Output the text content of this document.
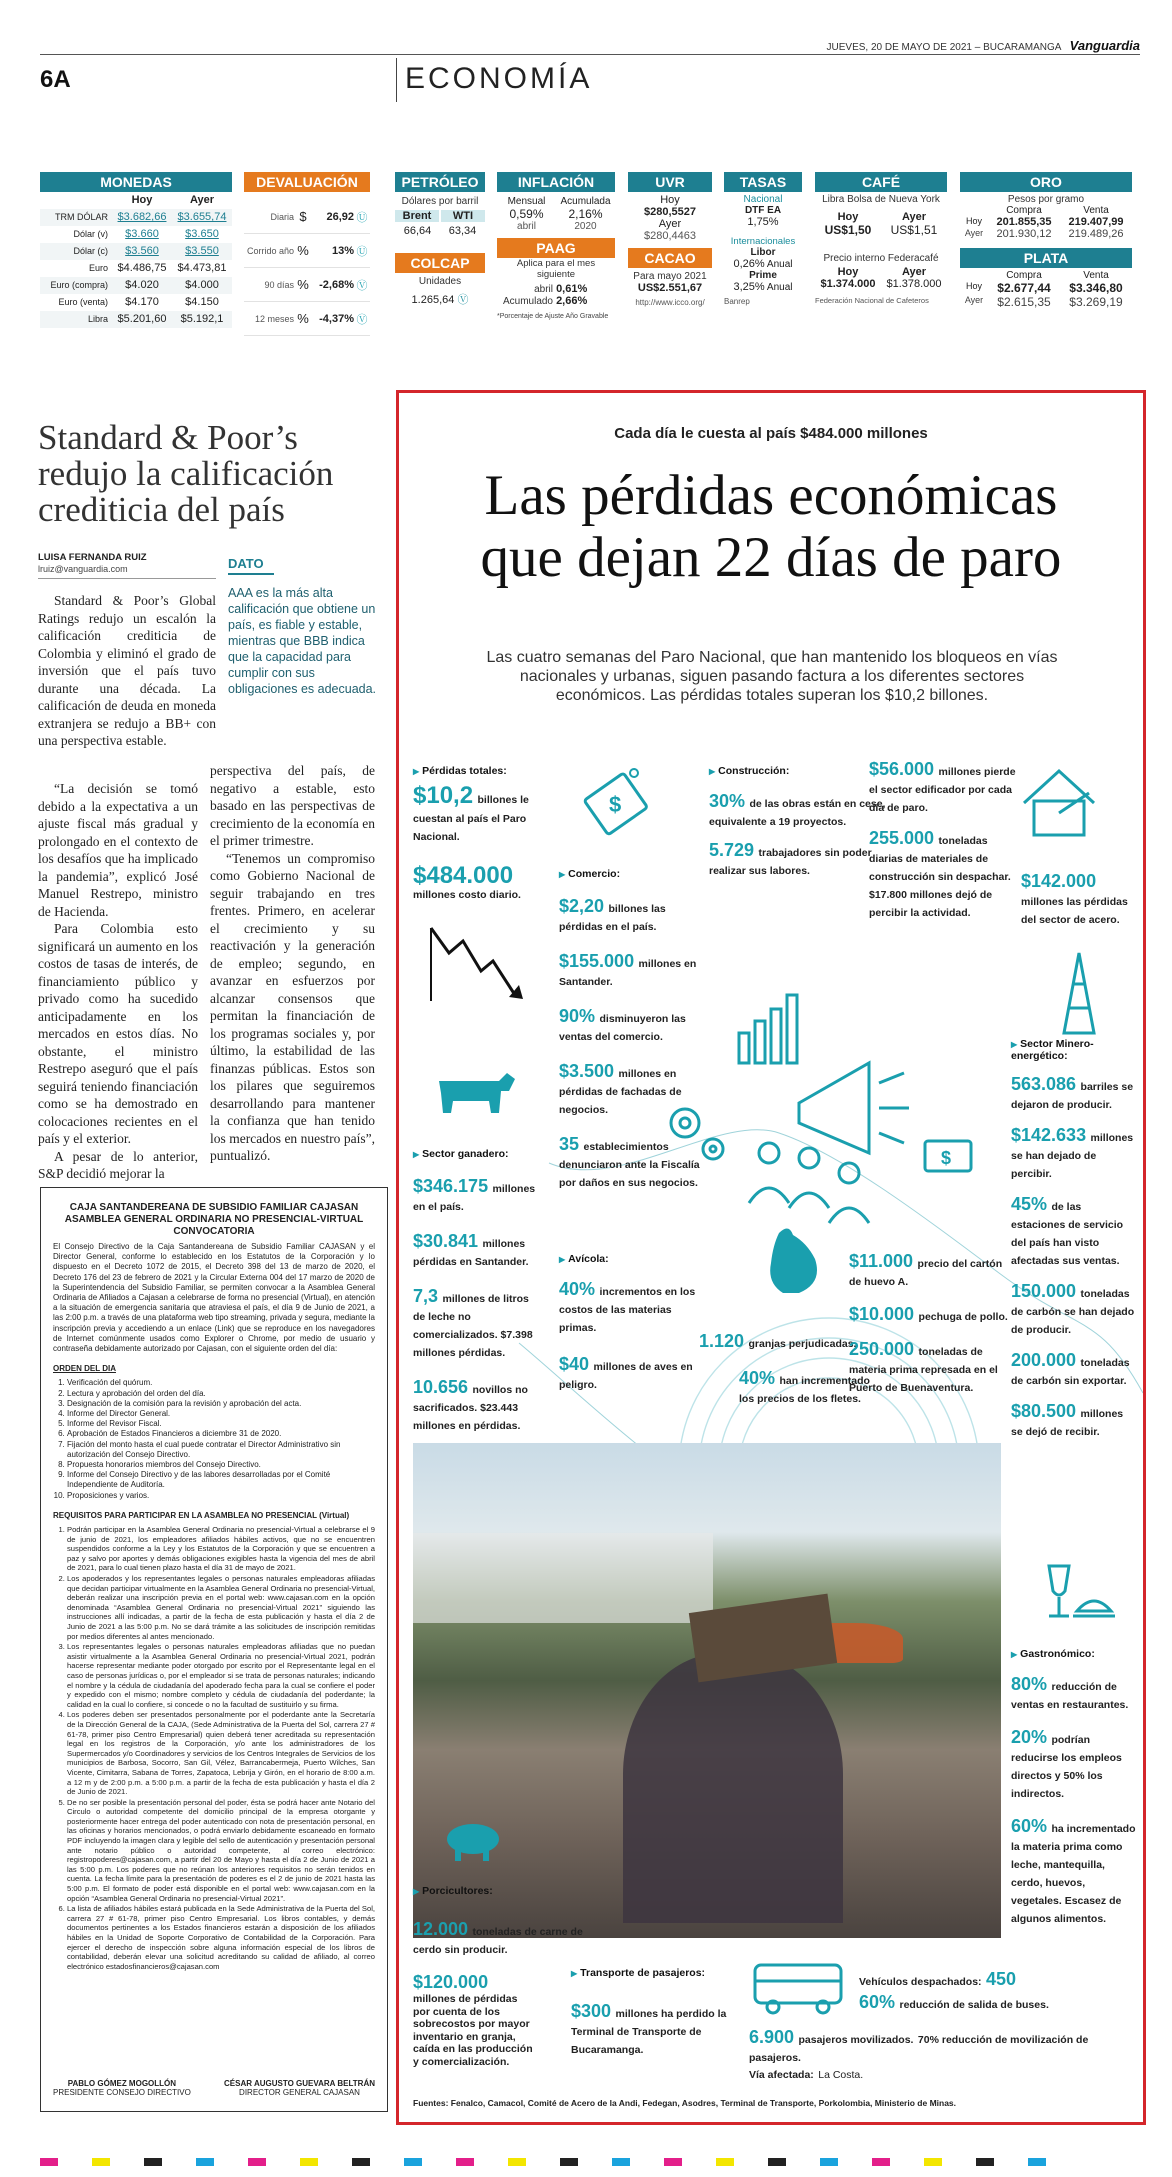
JUEVES, 20 DE MAYO DE 2021 – BUCARAMANGA Vanguardia
6A	ECONOMÍA
MONEDAS
Hoy	Ayer
TRM DÓLAR $3.682,66	$3.655,74
Dólar (v)	$3.660	$3.650
Dólar (c)	$3.560	$3.550
Euro $4.486,75	$4.473,81
Euro (compra)	$4.020	$4.000
Euro (venta)	$4.170	$4.150
Libra $5.201,60	$5.192,1
DEVALUACIÓN
Diaria $	26,92 Ⓤ
Corrido año %	13% Ⓤ
90 días % -2,68% Ⓥ
12 meses % -4,37% Ⓥ
PETRÓLEO
Dólares por barril
Brent	WTI
66,64	63,34
COLCAP
Unidades
1.265,64 Ⓥ
INFLACIÓN
Mensual	Acumulada
0,59%	2,16%
abril	2020
PAAG
Aplica para el mes siguiente
abril 0,61%
Acumulado 2,66%
*Porcentaje de Ajuste Año Gravable
UVR
Hoy
$280,5527
Ayer
$280,4463
CACAO
Para mayo 2021
US$2.551,67
http://www.icco.org/
TASAS
Nacional
DTF EA
1,75%
Internacionales
Libor
0,26% Anual
Prime
3,25% Anual
Banrep
CAFÉ
Libra Bolsa de Nueva York
Hoy	Ayer
US$1,50	US$1,51
Precio interno Federacafé
Hoy	Ayer
$1.374.000 $1.378.000
Federación Nacional de Cafeteros
ORO
Pesos por gramo
Compra	Venta
Hoy	201.855,35	219.407,99
Ayer	201.930,12	219.489,26
PLATA
Compra	Venta
Hoy	$2.677,44	$3.346,80
Ayer	$2.615,35	$3.269,19
Standard & Poor’s redujo la calificación crediticia del país
LUISA FERNANDA RUIZ
lruiz@vanguardia.com	DATO
AAA es la más alta calificación que obtiene un país, es fiable y estable, mientras que BBB indica que la capacidad para cumplir con sus obligaciones es adecuada.

Standard & Poor’s Global Ratings redujo un escalón la calificación crediticia de Colombia y eliminó el grado de inversión que el país tuvo durante una década. La calificación de deuda en moneda extranjera se redujo a BB+ con una perspectiva estable.

“La decisión se tomó debido a la expectativa a un ajuste fiscal más gradual y prolongado en el contexto de los desafíos que ha implicado la pandemia”, explicó José Manuel Restrepo, ministro de Hacienda.

Para Colombia esto significará un aumento en los costos de tasas de interés, de financiamiento público y privado como ha sucedido anticipadamente en los mercados en estos días. No obstante, el ministro Restrepo aseguró que el país seguirá teniendo financiación como se ha demostrado en colocaciones recientes en el país y el exterior.

A pesar de lo anterior, S&P decidió mejorar la

perspectiva del país, de negativo a estable, esto basado en las perspectivas de crecimiento de la economía en el primer trimestre.

“Tenemos un compromiso como Gobierno Nacional de seguir trabajando en tres frentes. Primero, en acelerar el crecimiento y su reactivación y la generación de empleo; segundo, en avanzar en esfuerzos por alcanzar consensos que permitan la financiación de los programas sociales y, por último, la estabilidad de las finanzas públicas. Estos son los pilares que seguiremos desarrollando para mantener la confianza que han tenido los mercados en nuestro país”, puntualizó.

CAJA SANTANDEREANA DE SUBSIDIO FAMILIAR CAJASAN
ASAMBLEA GENERAL ORDINARIA NO PRESENCIAL-VIRTUAL
CONVOCATORIA
El Consejo Directivo de la Caja Santandereana de Subsidio Familiar CAJASAN y el Director General, conforme lo establecido en los Estatutos de la Corporación y lo dispuesto en el Decreto 1072 de 2015, el Decreto 398 del 13 de marzo de 2020, el Decreto 176 del 23 de febrero de 2021 y la Circular Externa 004 del 17 marzo de 2020 de la Superintendencia del Subsidio Familiar, se permiten convocar a la Asamblea General Ordinaria de Afiliados a Cajasan a celebrarse de forma no presencial (Virtual), en atención a la situación de emergencia sanitaria que atraviesa el país, el día 9 de Junio de 2021, a las 2:00 p.m. a través de una plataforma web tipo streaming, privada y segura, mediante la inscripción previa y accediendo a un enlace (Link) que se reproduce en los navegadores de Internet comúnmente usados como Explorer o Chrome, por medio de usuario y contraseña debidamente autorizado por Cajasan, con el siguiente orden del día:
ORDEN DEL DIA
1. Verificación del quórum.
2. Lectura y aprobación del orden del día.
3. Designación de la comisión para la revisión y aprobación del acta.
4. Informe del Director General.
5. Informe del Revisor Fiscal.
6. Aprobación de Estados Financieros a diciembre 31 de 2020.
7. Fijación del monto hasta el cual puede contratar el Director Administrativo sin autorización del Consejo Directivo.
8. Propuesta honorarios miembros del Consejo Directivo.
9. Informe del Consejo Directivo y de las labores desarrolladas por el Comité Independiente de Auditoría.
10. Proposiciones y varios.
REQUISITOS PARA PARTICIPAR EN LA ASAMBLEA NO PRESENCIAL (Virtual)
1. Podrán participar en la Asamblea General Ordinaria no presencial-Virtual a celebrarse el 9 de junio de 2021, los empleadores afiliados hábiles activos, que no se encuentren suspendidos conforme a la Ley y los Estatutos de la Corporación y que se encuentren a paz y salvo por aportes y demás obligaciones exigibles hasta la vigencia del mes de abril de 2021, para lo cual tienen plazo hasta el día 31 de mayo de 2021.
2. Los apoderados y los representantes legales o personas naturales empleadoras afiliadas que decidan participar virtualmente en la Asamblea General Ordinaria no presencial-Virtual, deberán realizar una inscripción previa en el portal web: www.cajasan.com en la opción denominada “Asamblea General Ordinaria no presencial-Virtual 2021” siguiendo las instrucciones allí indicadas, a partir de la fecha de esta publicación y hasta el día 2 de Junio de 2021 a las 5:00 p.m. No se dará trámite a las solicitudes de inscripción remitidas por medios diferentes al antes mencionado.
3. Los representantes legales o personas naturales empleadoras afiliadas que no puedan asistir virtualmente a la Asamblea General Ordinaria no presencial-Virtual 2021, podrán hacerse representar mediante poder otorgado por escrito por el Representante legal en el caso de personas jurídicas o, por el empleador si se trata de personas naturales; indicando el nombre y la cédula de ciudadanía del apoderado fecha para la cual se confiere el poder y expedido con el mismo; nombre completo y cédula de ciudadanía del poderdante; la calidad en la cual lo confiere, si concede o no la facultad de sustituirlo y su firma.
4. Los poderes deben ser presentados personalmente por el poderdante ante la Secretaría de la Dirección General de la CAJA, (Sede Administrativa de la Puerta del Sol, carrera 27 # 61-78, primer piso Centro Empresarial) quien deberá tener acreditada su representación legal en los registros de la Corporación, y/o ante los administradores de los Supermercados y/o Coordinadores y servicios de los Centros Integrales de Servicios de los municipios de Barbosa, Socorro, San Gil, Vélez, Barrancabermeja, Puerto Wilches, San Vicente, Cimitarra, Sabana de Torres, Zapatoca, Lebrija y Girón, en el horario de 8:00 a.m. a 12 m y de 2:00 p.m. a 5:00 p.m. a partir de la fecha de esta publicación y hasta el día 2 de Junio de 2021.
5. De no ser posible la presentación personal del poder, ésta se podrá hacer ante Notario del Circulo o autoridad competente del domicilio principal de la empresa otorgante y posteriormente hacer entrega del poder autenticado con nota de presentación personal, en las oficinas y horarios mencionados, o podrá enviarlo debidamente escaneado en formato PDF incluyendo la imagen clara y legible del sello de autenticación y presentación personal ante notario público o autoridad competente, al correo electrónico: registropoderes@cajasan.com, a partir del 20 de Mayo y hasta el día 2 de Junio de 2021 a las 5:00 p.m. Los poderes que no reúnan los anteriores requisitos no serán tenidos en cuenta. La fecha límite para la presentación de poderes es el 2 de junio de 2021 hasta las 5:00 p.m. El formato de poder está disponible en el portal web: www.cajasan.com en la opción “Asamblea General Ordinaria no presencial-Virtual 2021”.
6. La lista de afiliados hábiles estará publicada en la Sede Administrativa de la Puerta del Sol, carrera 27 # 61-78, primer piso Centro Empresarial. Los libros contables, y demás documentos pertinentes a los Estados financieros estarán a disposición de los afiliados hábiles en la Unidad de Soporte Corporativo de Contabilidad de la Corporación. Para ejercer el derecho de inspección sobre alguna información especial de los libros de contabilidad, deberán elevar una solicitud acreditando su calidad de afiliado, al correo electrónico estadosfinancieros@cajasan.com
PABLO GÓMEZ MOGOLLÓN
PRESIDENTE CONSEJO DIRECTIVO
CÉSAR AUGUSTO GUEVARA BELTRÁN
DIRECTOR GENERAL CAJASAN
Cada día le cuesta al país $484.000 millones
Las pérdidas económicas
que dejan 22 días de paro
Las cuatro semanas del Paro Nacional, que han mantenido los bloqueos en vías nacionales y urbanas, siguen pasando factura a los diferentes sectores económicos. Las pérdidas totales superan los $10,2 billones.
▶ Pérdidas totales:
$10,2 billones le cuestan al país el Paro Nacional.
$484.000
millones costo diario.
$
▶ Comercio:
$2,20 billones las pérdidas en el país.
$155.000 millones en Santander.
90% disminuyeron las ventas del comercio.
$3.500 millones en pérdidas de fachadas de negocios.
35 establecimientos denunciaron ante la Fiscalía por daños en sus negocios.
▶ Construcción:
30% de las obras están en cese, equivalente a 19 proyectos.
5.729 trabajadores sin poder realizar sus labores.
$56.000 millones pierde el sector edificador por cada día de paro.
255.000 toneladas diarias de materiales de construcción sin despachar. $17.800 millones dejó de percibir la actividad.
$142.000 millones las pérdidas del sector de acero.
$
▶ Sector ganadero:
$346.175 millones en el país.
$30.841 millones pérdidas en Santander.
7,3 millones de litros de leche no comercializados. $7.398 millones pérdidas.
10.656 novillos no sacrificados. $23.443 millones en pérdidas.
▶ Avícola:
40% incrementos en los costos de las materias primas.
$40 millones de aves en peligro.
1.120 granjas perjudicadas.
40% han incrementado los precios de los fletes.
$11.000 precio del cartón de huevo A.
$10.000 pechuga de pollo.
250.000 toneladas de materia prima represada en el Puerto de Buenaventura.
▶ Sector Minero-energético:
563.086 barriles se dejaron de producir.
$142.633 millones se han dejado de percibir.
45% de las estaciones de servicio del país han visto afectadas sus ventas.
150.000 toneladas de carbón se han dejado de producir.
200.000 toneladas de carbón sin exportar.
$80.500 millones se dejó de recibir.
▶ Gastronómico:
80% reducción de ventas en restaurantes.
20% podrían reducirse los empleos directos y 50% los indirectos.
60% ha incrementado la materia prima como leche, mantequilla, cerdo, huevos, vegetales. Escasez de algunos alimentos.
▶ Porcicultores:
12.000 toneladas de carne de cerdo sin producir.
$120.000
millones de pérdidas por cuenta de los sobrecostos por mayor inventario en granja, caída en las producción y comercialización.
▶ Transporte de pasajeros:
$300 millones ha perdido la Terminal de Transporte de Bucaramanga.
Vehículos despachados: 450
60% reducción de salida de buses.
6.900 pasajeros movilizados. 70% reducción de movilización de pasajeros.
Vía afectada: La Costa.
Fuentes: Fenalco, Camacol, Comité de Acero de la Andi, Fedegan, Asodres, Terminal de Transporte, Porkolombia, Ministerio de Minas.
